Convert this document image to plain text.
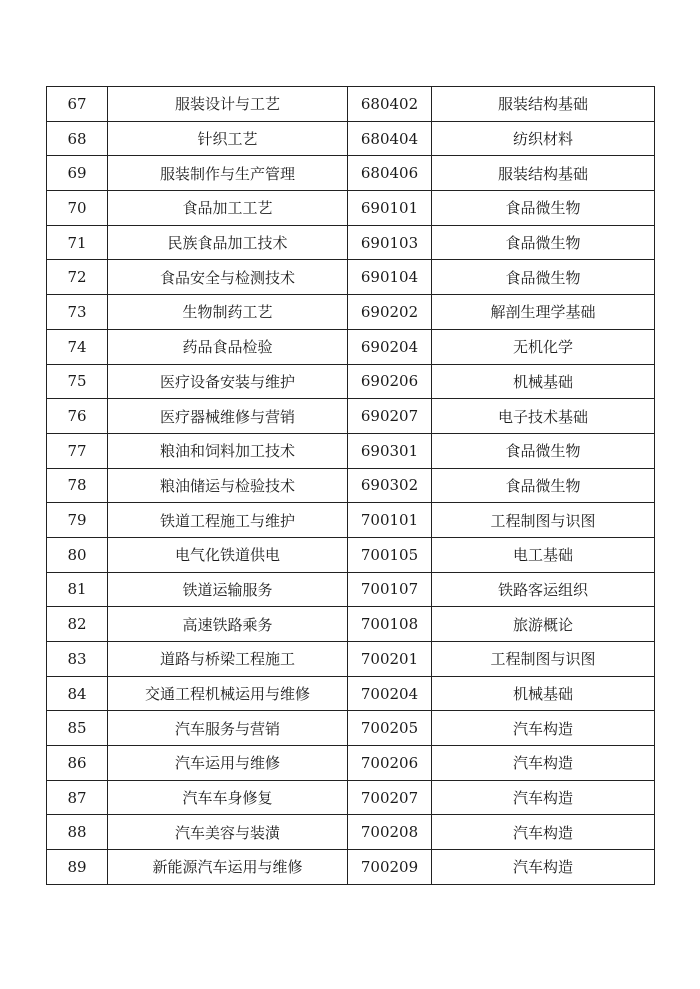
67	服装设计与工艺	680402	服装结构基础
68	针织工艺	680404	纺织材料
69	服装制作与生产管理	680406	服装结构基础
70	食品加工工艺	690101	食品微生物
71	民族食品加工技术	690103	食品微生物
72	食品安全与检测技术	690104	食品微生物
73	生物制药工艺	690202	解剖生理学基础
74	药品食品检验	690204	无机化学
75	医疗设备安装与维护	690206	机械基础
76	医疗器械维修与营销	690207	电子技术基础
77	粮油和饲料加工技术	690301	食品微生物
78	粮油储运与检验技术	690302	食品微生物
79	铁道工程施工与维护	700101	工程制图与识图
80	电气化铁道供电	700105	电工基础
81	铁道运输服务	700107	铁路客运组织
82	高速铁路乘务	700108	旅游概论
83	道路与桥梁工程施工	700201	工程制图与识图
84	交通工程机械运用与维修	700204	机械基础
85	汽车服务与营销	700205	汽车构造
86	汽车运用与维修	700206	汽车构造
87	汽车车身修复	700207	汽车构造
88	汽车美容与装潢	700208	汽车构造
89	新能源汽车运用与维修	700209	汽车构造
